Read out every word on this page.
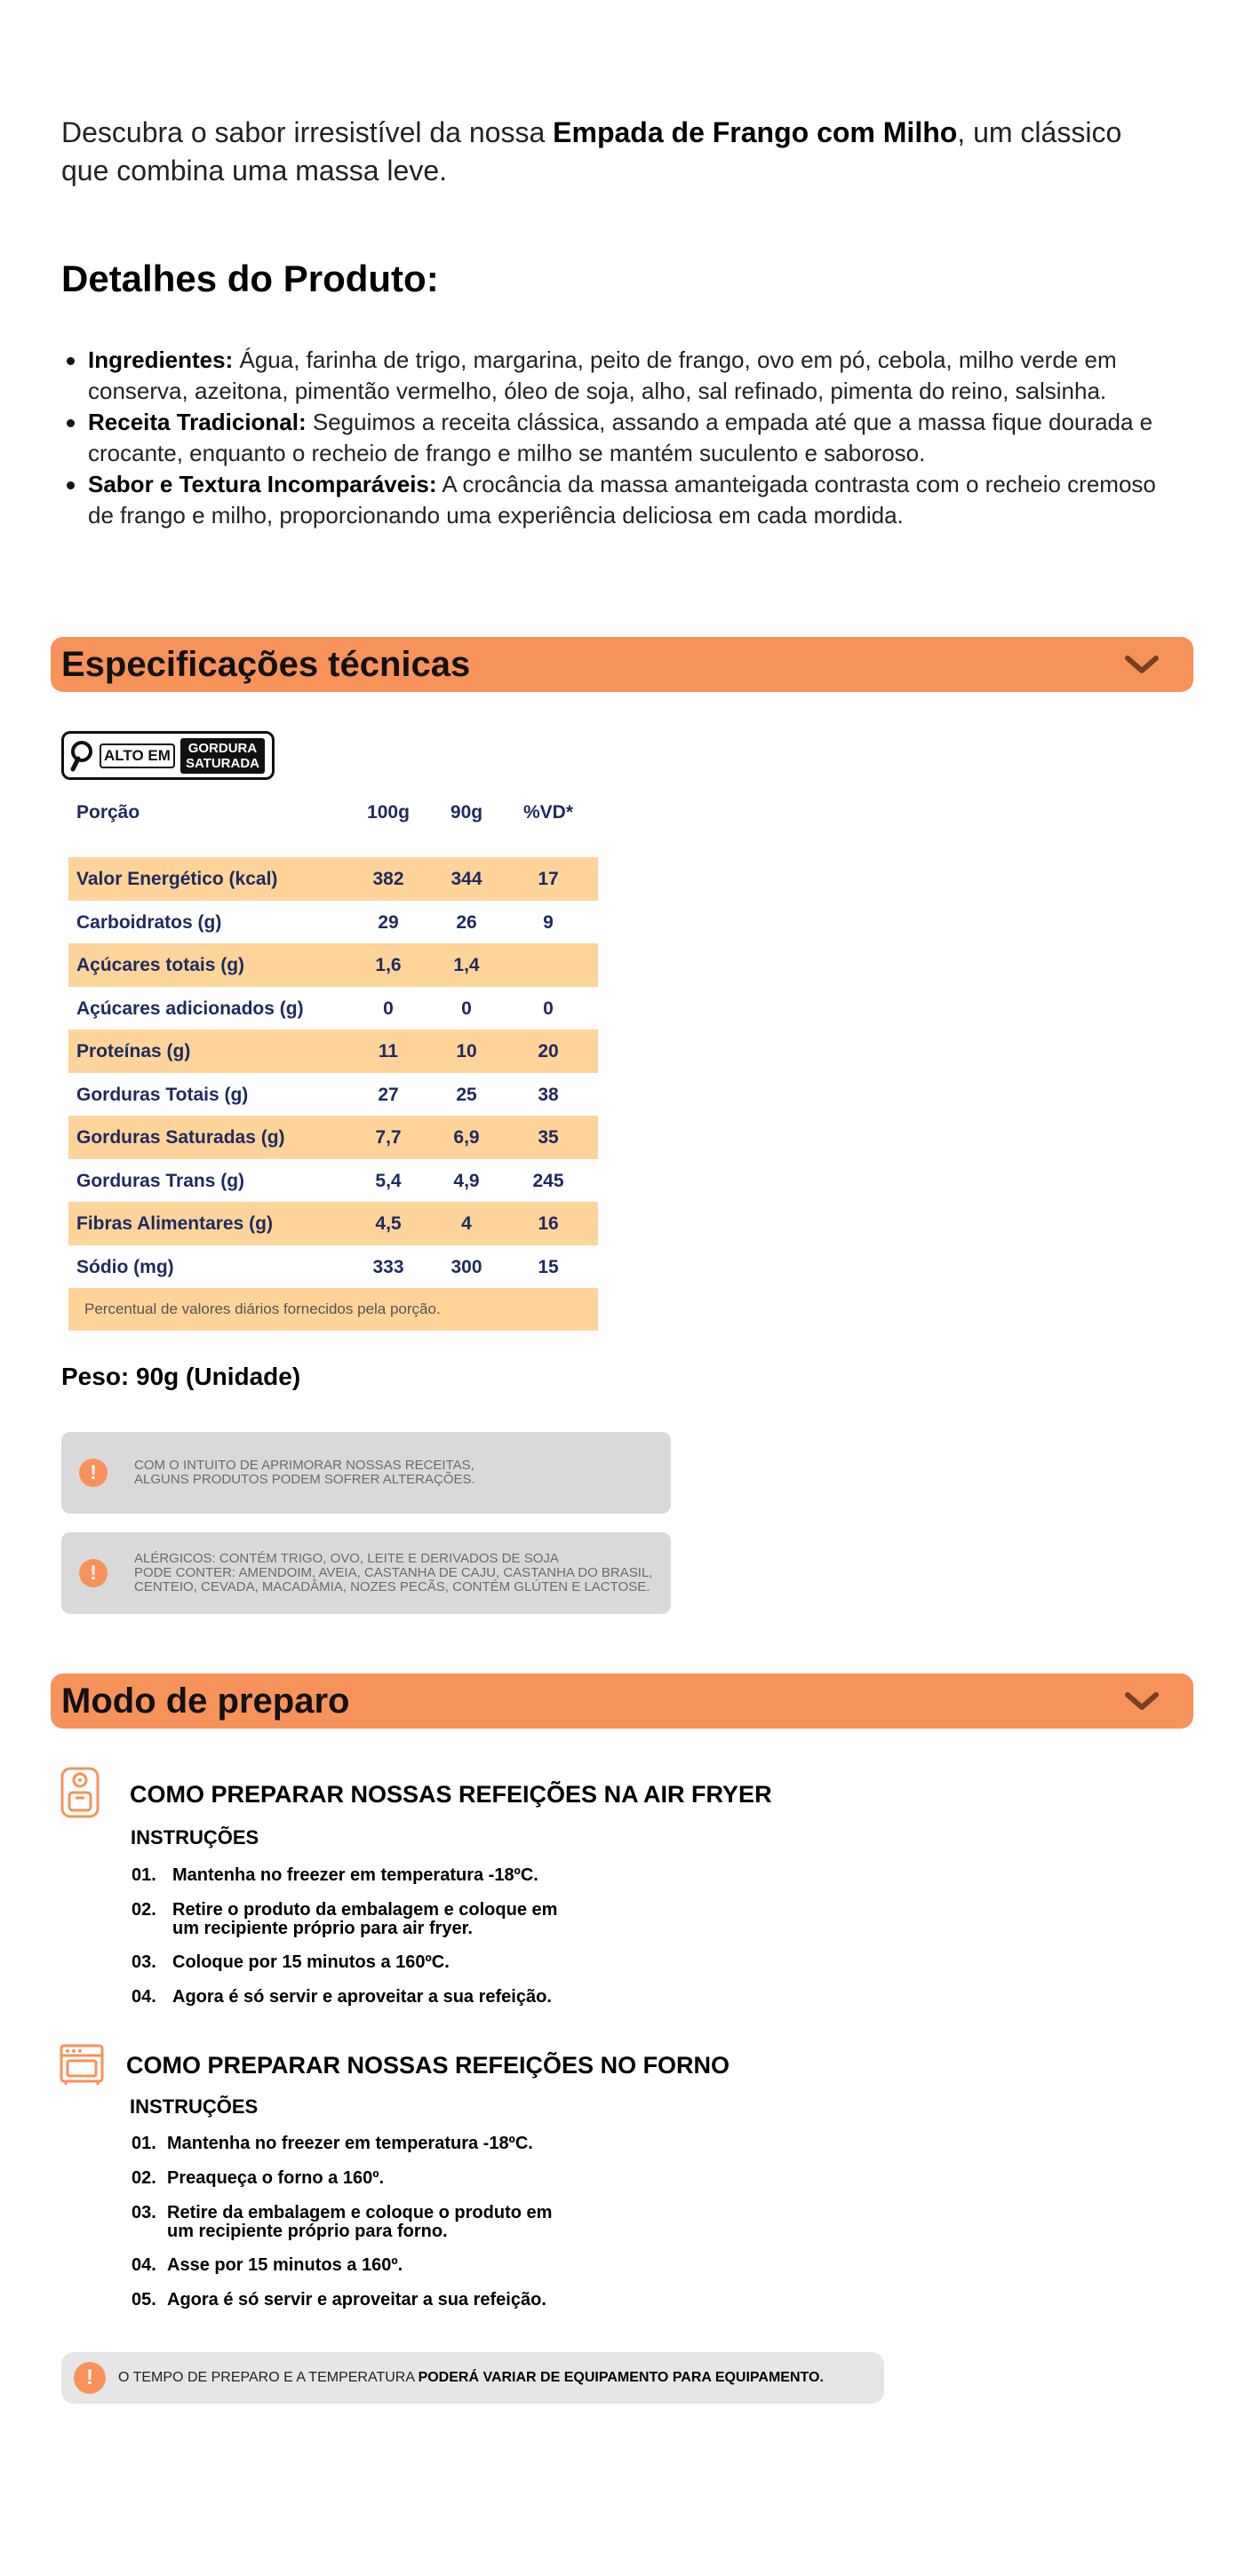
Descubra o sabor irresistível da nossa Empada de Frango com Milho, um clássico que combina uma massa leve.

Detalhes do Produto:
Ingredientes: Água, farinha de trigo, margarina, peito de frango, ovo em pó, cebola, milho verde em conserva, azeitona, pimentão vermelho, óleo de soja, alho, sal refinado, pimenta do reino, salsinha.
Receita Tradicional: Seguimos a receita clássica, assando a empada até que a massa fique dourada e crocante, enquanto o recheio de frango e milho se mantém suculento e saboroso.
Sabor e Textura Incomparáveis: A crocância da massa amanteigada contrasta com o recheio cremoso de frango e milho, proporcionando uma experiência deliciosa em cada mordida.
Especificações técnicas
ALTO EM	GORDURA
SATURADA
Porção	100g	90g	%VD*
Valor Energético (kcal)	382	344	17
Carboidratos (g)	29	26	9
Açúcares totais (g)	1,6	1,4
Açúcares adicionados (g)	0	0	0
Proteínas (g)	11	10	20
Gorduras Totais (g)	27	25	38
Gorduras Saturadas (g)	7,7	6,9	35
Gorduras Trans (g)	5,4	4,9	245
Fibras Alimentares (g)	4,5	4	16
Sódio (mg)	333	300	15
Percentual de valores diários fornecidos pela porção.
Peso: 90g (Unidade)
!	COM O INTUITO DE APRIMORAR NOSSAS RECEITAS,
ALGUNS PRODUTOS PODEM SOFRER ALTERAÇÕES.
!
ALÉRGICOS: CONTÉM TRIGO, OVO, LEITE E DERIVADOS DE SOJA
PODE CONTER: AMENDOIM, AVEIA, CASTANHA DE CAJU, CASTANHA DO BRASIL,
CENTEIO, CEVADA, MACADÂMIA, NOZES PECÃS, CONTÉM GLÚTEN E LACTOSE.
Modo de preparo
COMO PREPARAR NOSSAS REFEIÇÕES NA AIR FRYER
INSTRUÇÕES
01. Mantenha no freezer em temperatura -18ºC.
02. Retire o produto da embalagem e coloque em
um recipiente próprio para air fryer.
03. Coloque por 15 minutos a 160ºC.
04. Agora é só servir e aproveitar a sua refeição.
COMO PREPARAR NOSSAS REFEIÇÕES NO FORNO
INSTRUÇÕES
01. Mantenha no freezer em temperatura -18ºC.
02. Preaqueça o forno a 160º.
03. Retire da embalagem e coloque o produto em
um recipiente próprio para forno.
04. Asse por 15 minutos a 160º.
05. Agora é só servir e aproveitar a sua refeição.
!	O TEMPO DE PREPARO E A TEMPERATURA PODERÁ VARIAR DE EQUIPAMENTO PARA EQUIPAMENTO.
